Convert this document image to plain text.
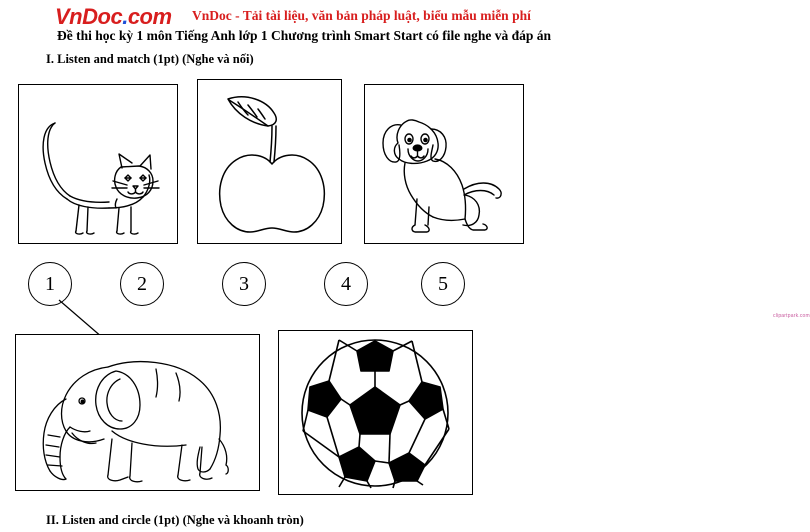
VnDoc.com VnDoc - Tải tài liệu, văn bản pháp luật, biểu mẫu miễn phí
Đề thi học kỳ 1 môn Tiếng Anh lớp 1 Chương trình Smart Start có file nghe và đáp án
I. Listen and match (1pt) (Nghe và nối)
clipartpark.com
1	2	3	4	5
II. Listen and circle (1pt) (Nghe và khoanh tròn)
